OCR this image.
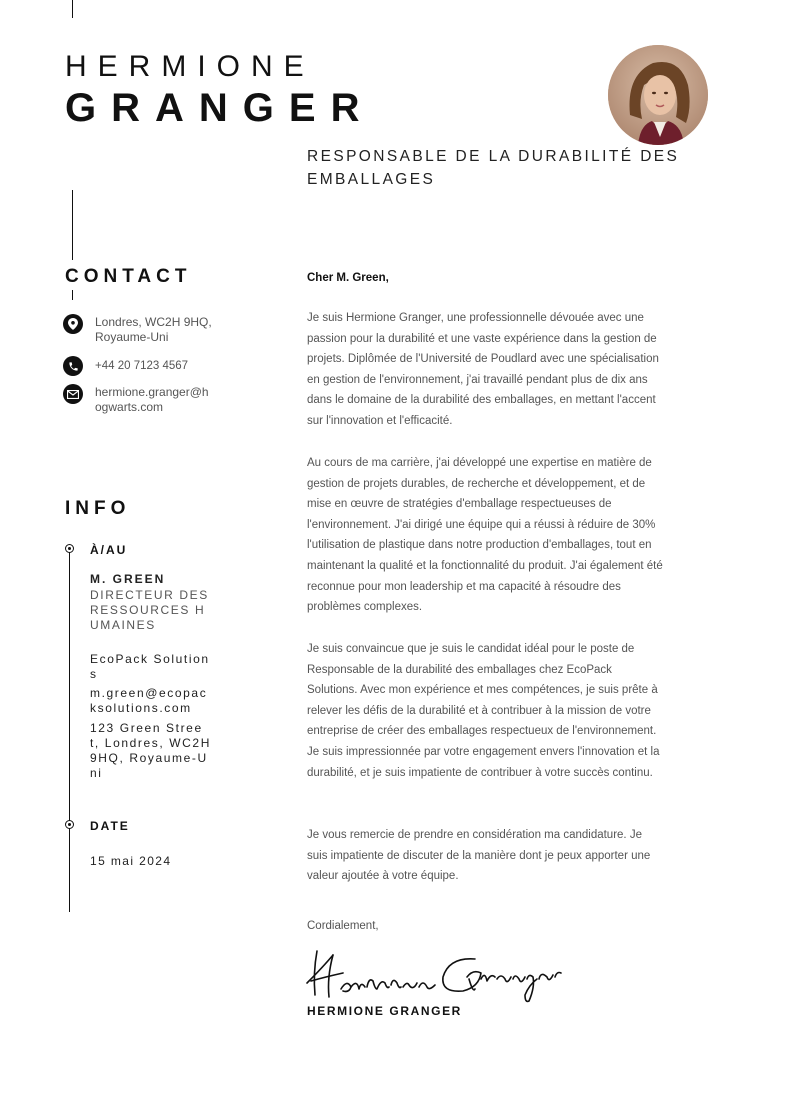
HERMIONE
GRANGER
RESPONSABLE DE LA DURABILITÉ DES EMBALLAGES
CONTACT
Londres, WC2H 9HQ, Royaume-Uni
+44 20 7123 4567
hermione.granger@hogwarts.com
INFO
À/AU
M. GREEN
DIRECTEUR DES RESSOURCES HUMAINES
EcoPack Solutions
m.green@ecopacksolutions.com
123 Green Street, Londres, WC2H 9HQ, Royaume-Uni
DATE
15 mai 2024
Cher M. Green,
Je suis Hermione Granger, une professionnelle dévouée avec une passion pour la durabilité et une vaste expérience dans la gestion de projets. Diplômée de l'Université de Poudlard avec une spécialisation en gestion de l'environnement, j'ai travaillé pendant plus de dix ans dans le domaine de la durabilité des emballages, en mettant l'accent sur l'innovation et l'efficacité.
Au cours de ma carrière, j'ai développé une expertise en matière de gestion de projets durables, de recherche et développement, et de mise en œuvre de stratégies d'emballage respectueuses de l'environnement. J'ai dirigé une équipe qui a réussi à réduire de 30% l'utilisation de plastique dans notre production d'emballages, tout en maintenant la qualité et la fonctionnalité du produit. J'ai également été reconnue pour mon leadership et ma capacité à résoudre des problèmes complexes.
Je suis convaincue que je suis le candidat idéal pour le poste de Responsable de la durabilité des emballages chez EcoPack Solutions. Avec mon expérience et mes compétences, je suis prête à relever les défis de la durabilité et à contribuer à la mission de votre entreprise de créer des emballages respectueux de l'environnement. Je suis impressionnée par votre engagement envers l'innovation et la durabilité, et je suis impatiente de contribuer à votre succès continu.
Je vous remercie de prendre en considération ma candidature. Je suis impatiente de discuter de la manière dont je peux apporter une valeur ajoutée à votre équipe.
Cordialement,
HERMIONE GRANGER
